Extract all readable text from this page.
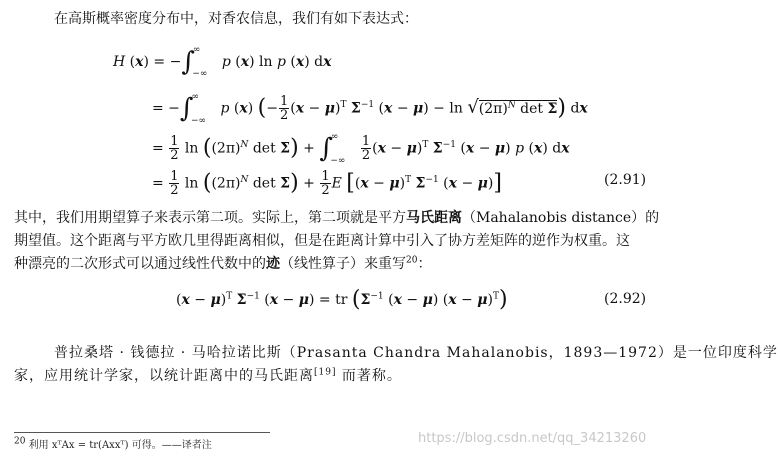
在高斯概率密度分布中，对香农信息，我们有如下表达式：
H $(x) = -\int^\infty_{-\infty}$ p (x) ln p (x) dx
= $-\int^\infty_{-\infty}$ p (x) (− $\frac{1}{2} (x - \mu)^T$ $\Sigma^{-1}$ $(x - \mu) - \ln √(2\pi)^N$ det Σ) dx
= $\frac{1}{2}$ $\ln ((2\pi)^N$ $\det \Sigma) + \int^\infty_{-\infty} \frac{1}{2} (x - \mu)^T$ $\Sigma^{-1}$ (x − μ) p (x) dx
= $\frac{1}{2}$ $\ln ((2\pi)^N$ $\det \Sigma) + \frac{1}{2}$ E [$(x - \mu)^T$ $\Sigma^{-1}$ (x − μ)]	(2.91)
其中，我们用期望算子来表示第二项。实际上，第二项就是平方马氏距离（Mahalanobis distance）的
期望值。这个距离与平方欧几里得距离相似，但是在距离计算中引入了协方差矩阵的逆作为权重。这
种漂亮的二次形式可以通过线性代数中的迹（线性算子）来重写$^{20}$：
$(x - \mu)^T$ $\Sigma^{-1}$ (x − μ) = tr ($\Sigma^{-1}$ (x − μ) $(x - \mu)^T$)	(2.92)
普拉桑塔 · 钱德拉 · 马哈拉诺比斯（Prasanta Chandra Mahalanobis，1893—1972）是一位印度科学
家，应用统计学家，以统计距离中的马氏距离[19] 而著称。
$^{20}$ 利用 xᵀAx = tr(Axxᵀ) 可得。——译者注	https://blog.csdn.net/qq_34213260
